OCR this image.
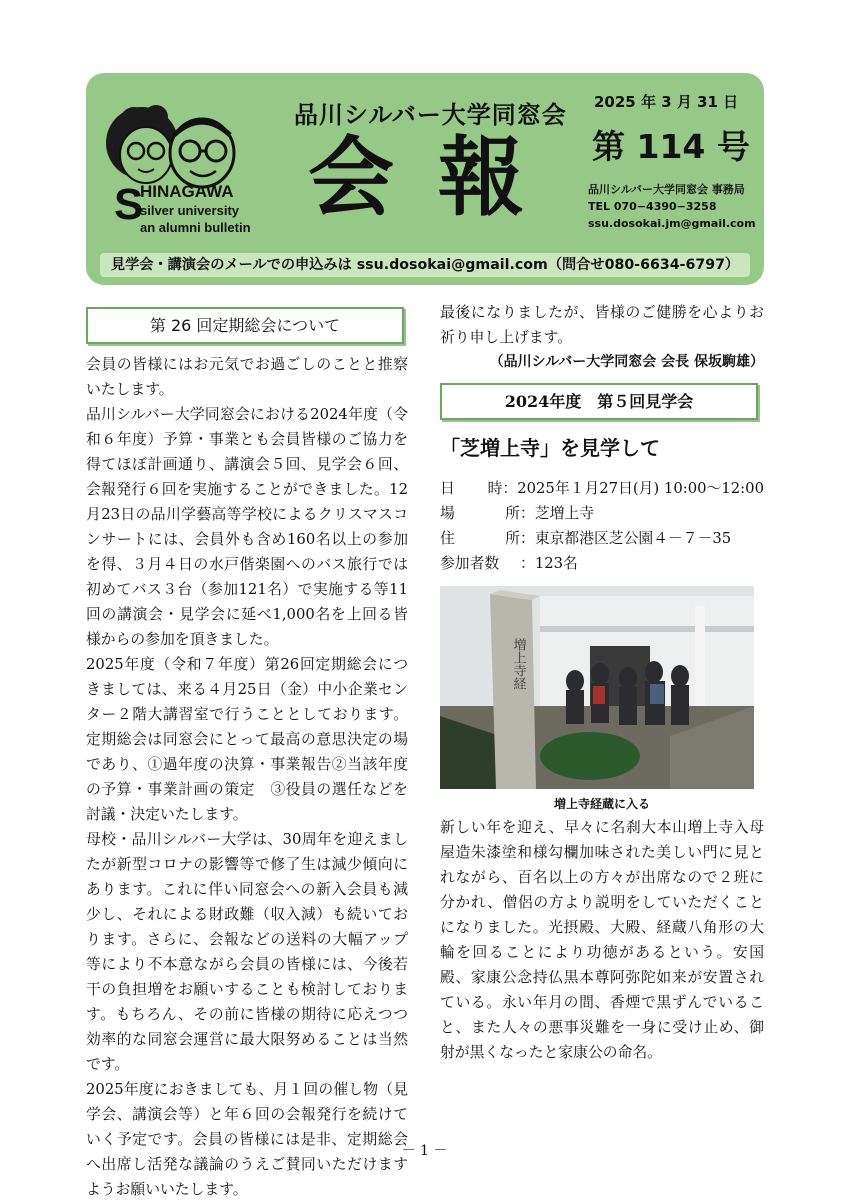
S
HINAGAWA
silver university
an alumni bulletin
品川シルバー大学同窓会
会報
2025 年 3 月 31 日
第 114 号
品川シルバー大学同窓会 事務局
TEL 070−4390−3258
ssu.dosokai.jm@gmail.com
見学会・講演会のメールでの申込みは ssu.dosokai@gmail.com（問合せ080-6634-6797）
第 26 回定期総会について

会員の皆様にはお元気でお過ごしのことと推察いたします。

品川シルバー大学同窓会における2024年度（令和６年度）予算・事業とも会員皆様のご協力を得てほぼ計画通り、講演会５回、見学会６回、会報発行６回を実施することができました。12月23日の品川学藝高等学校によるクリスマスコンサートには、会員外も含め160名以上の参加を得、３月４日の水戸偕楽園へのバス旅行では初めてバス３台（参加121名）で実施する等11回の講演会・見学会に延べ1,000名を上回る皆様からの参加を頂きました。

2025年度（令和７年度）第26回定期総会につきましては、来る４月25日（金）中小企業センター２階大講習室で行うこととしております。定期総会は同窓会にとって最高の意思決定の場であり、①過年度の決算・事業報告②当該年度の予算・事業計画の策定　③役員の選任などを討議・決定いたします。

母校・品川シルバー大学は、30周年を迎えましたが新型コロナの影響等で修了生は減少傾向にあります。これに伴い同窓会への新入会員も減少し、それによる財政難（収入減）も続いております。さらに、会報などの送料の大幅アップ等により不本意ながら会員の皆様には、今後若干の負担増をお願いすることも検討しております。もちろん、その前に皆様の期待に応えつつ効率的な同窓会運営に最大限努めることは当然です。

2025年度におきましても、月１回の催し物（見学会、講演会等）と年６回の会報発行を続けていく予定です。会員の皆様には是非、定期総会へ出席し活発な議論のうえご賛同いただけますようお願いいたします。

最後になりましたが、皆様のご健勝を心よりお祈り申し上げます。

（品川シルバー大学同窓会 会長 保坂駒雄）
2024年度　第５回見学会
「芝増上寺」を見学して
日 時 ： 2025年１月27日(月) 10:00〜12:00
場	所 ： 芝増上寺
住	所 ： 東京都港区芝公園４－７－35
参加者数	： 123名
増上寺経
増上寺経蔵に入る

新しい年を迎え、早々に名刹大本山増上寺入母屋造朱漆塗和様勾欄加味された美しい門に見とれながら、百名以上の方々が出席なので２班に分かれ、僧侶の方より説明をしていただくことになりました。光摂殿、大殿、経蔵八角形の大輪を回ることにより功徳があるという。安国殿、家康公念持仏黒本尊阿弥陀如来が安置されている。永い年月の間、香煙で黒ずんでいること、また人々の悪事災難を一身に受け止め、御射が黒くなったと家康公の命名。

－ 1 －
